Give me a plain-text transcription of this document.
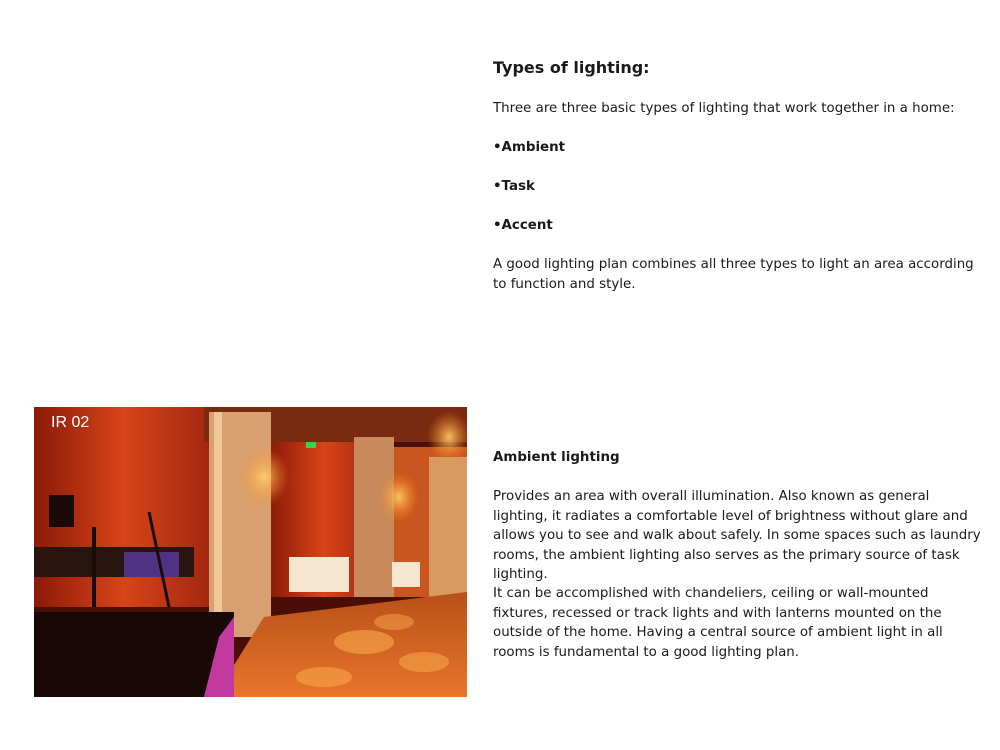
Types of lighting:

Three are three basic types of lighting that work together in a home:

•Ambient

•Task

•Accent

A good lighting plan combines all three types to light an area according to function and style.

IR 02

Ambient lighting

Provides an area with overall illumination. Also known as general lighting, it radiates a comfortable level of brightness without glare and allows you to see and walk about safely. In some spaces such as laundry rooms, the ambient lighting also serves as the primary source of task lighting.

It can be accomplished with chandeliers, ceiling or wall-mounted fixtures, recessed or track lights and with lanterns mounted on the outside of the home. Having a central source of ambient light in all rooms is fundamental to a good lighting plan.
